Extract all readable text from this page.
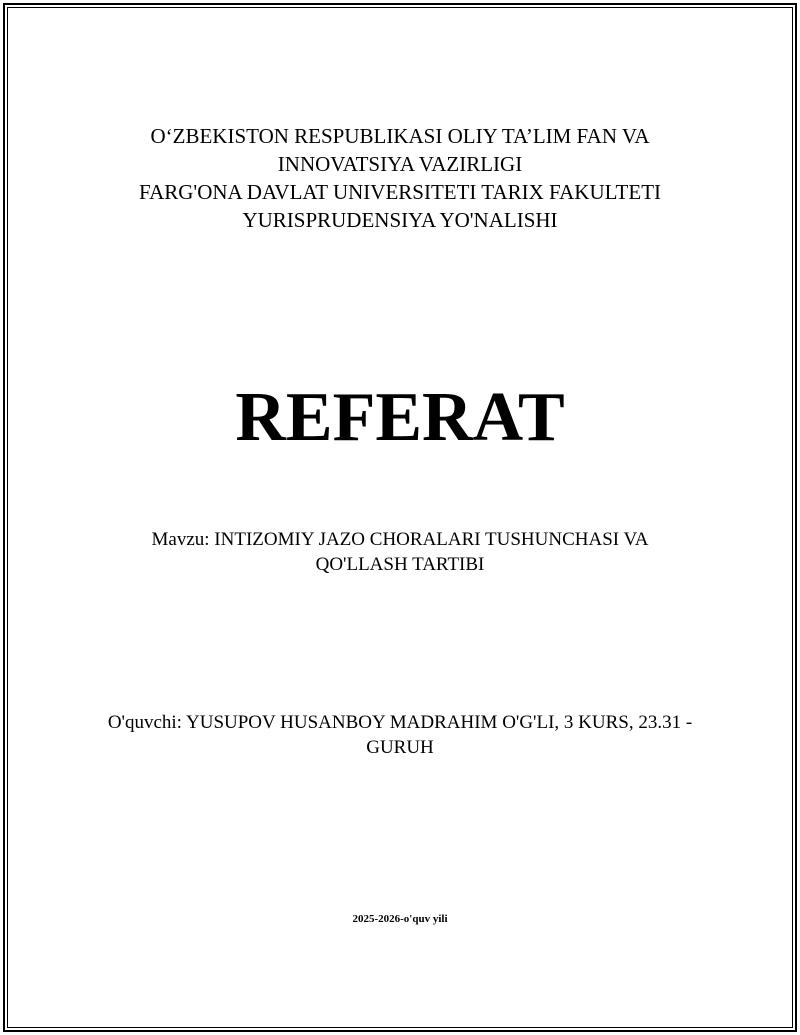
O‘ZBEKISTON RESPUBLIKASI OLIY TA’LIM FAN VA
INNOVATSIYA VAZIRLIGI
FARG'ONA DAVLAT UNIVERSITETI TARIX FAKULTETI
YURISPRUDENSIYA YO'NALISHI
REFERAT
Mavzu: INTIZOMIY JAZO CHORALARI TUSHUNCHASI VA
QO'LLASH TARTIBI
O'quvchi: YUSUPOV HUSANBOY MADRAHIM O'G'LI, 3 KURS, 23.31 -
GURUH
2025-2026-o'quv yili
